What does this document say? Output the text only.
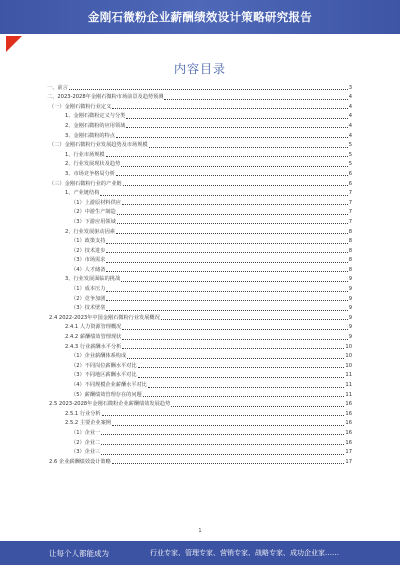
金刚石微粉企业薪酬绩效设计策略研究报告
内容目录
一、前言	3
二、2023-2028年金刚石微粉市场前景及趋势预测	4
（一）金刚石微粉行业定义	4
1、金刚石微粉定义与分类	4
2、金刚石微粉的应用领域	4
3、金刚石微粉的特点	4
（二）金刚石微粉行业发展趋势及市场规模	5
1、行业市场规模	5
2、行业发展现状及趋势	5
3、市场竞争格局分析	6
（三）金刚石微粉行业的产业链	6
1、产业链结构	7
（1）上游原材料供应	7
（2）中游生产制造	7
（3）下游应用领域	7
2、行业发展驱动因素	8
（1）政策支持	8
（2）技术进步	8
（3）市场需求	8
（4）人才储备	8
3、行业发展面临的挑战	9
（1）成本压力	9
（2）竞争加剧	9
（3）技术壁垒	9
2.4 2022-2023年中国金刚石微粉行业发展概况	9
2.4.1 人力资源管理概况	9
2.4.2 薪酬绩效管理现状	9
2.4.3 行业薪酬水平分析	10
（1）企业薪酬体系构成	10
（2）不同岗位薪酬水平对比	10
（3）不同地区薪酬水平对比	11
（4）不同规模企业薪酬水平对比	11
（5）薪酬绩效管理存在的问题	11
2.5 2023-2028年金刚石微粉企业薪酬绩效发展趋势	16
2.5.1 行业分析	16
2.5.2 主要企业案例	16
（1）企业一	16
（2）企业二	16
（3）企业三	17
2.6 企业薪酬绩效设计策略	17
1
让每个人都能成为	行业专家、管理专家、营销专家、战略专家、成功企业家……
